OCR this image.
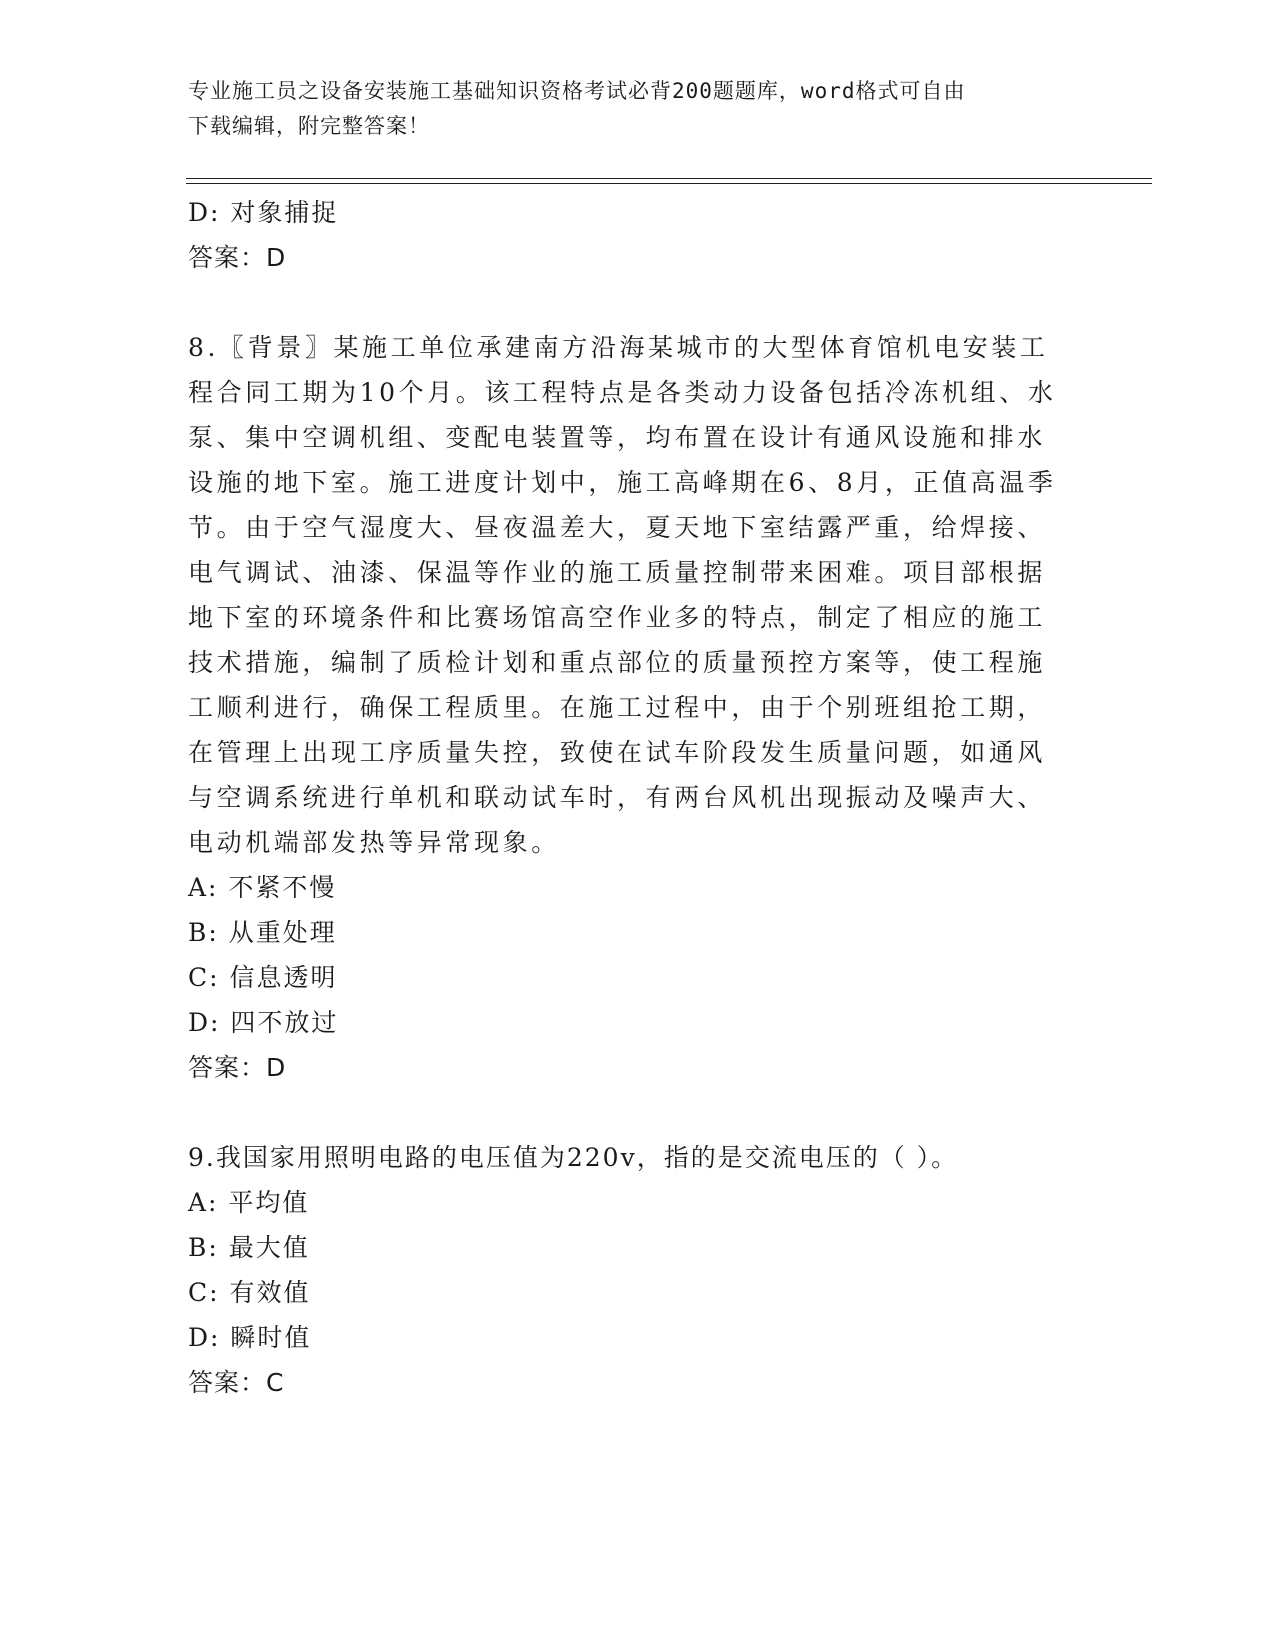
专业施工员之设备安装施工基础知识资格考试必背200题题库，word格式可自由
下载编辑，附完整答案！
D: 对象捕捉
答案：D
8.〖背景〗某施工单位承建南方沿海某城市的大型体育馆机电安装工程合同工期为10个月。该工程特点是各类动力设备包括冷冻机组、水泵、集中空调机组、变配电装置等，均布置在设计有通风设施和排水设施的地下室。施工进度计划中，施工高峰期在6、8月，正值高温季节。由于空气湿度大、昼夜温差大，夏天地下室结露严重，给焊接、电气调试、油漆、保温等作业的施工质量控制带来困难。项目部根据地下室的环境条件和比赛场馆高空作业多的特点，制定了相应的施工技术措施，编制了质检计划和重点部位的质量预控方案等，使工程施工顺利进行，确保工程质里。在施工过程中，由于个别班组抢工期，在管理上出现工序质量失控，致使在试车阶段发生质量问题，如通风与空调系统进行单机和联动试车时，有两台风机出现振动及噪声大、电动机端部发热等异常现象。
A: 不紧不慢
B: 从重处理
C: 信息透明
D: 四不放过
答案：D
9.我国家用照明电路的电压值为220v，指的是交流电压的（ ）。
A: 平均值
B: 最大值
C: 有效值
D: 瞬时值
答案：C
